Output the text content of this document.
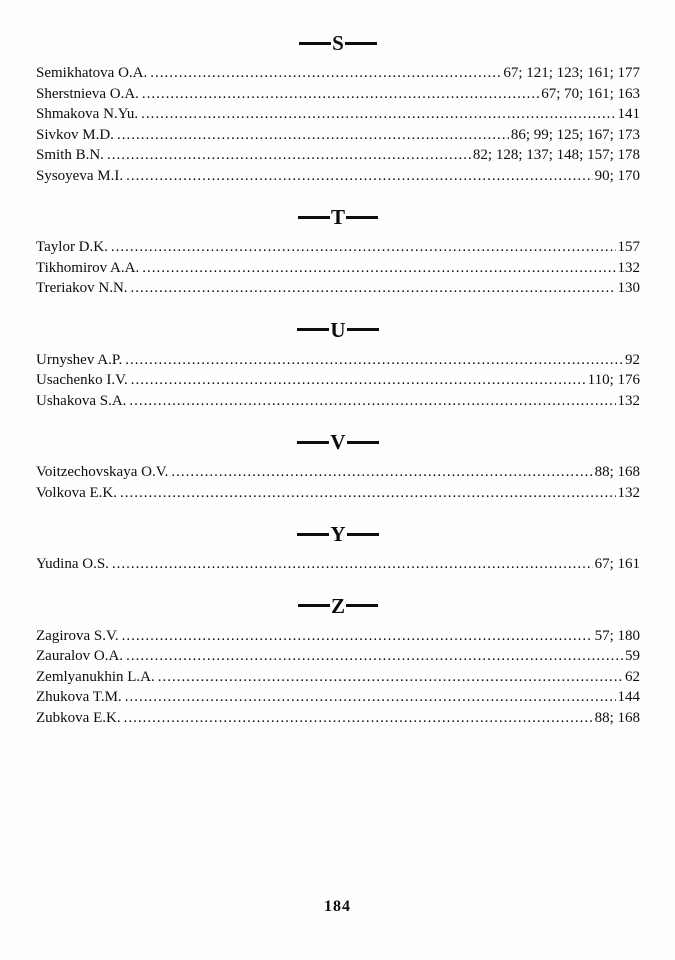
S
Semikhatova O.A. .....	67; 121; 123; 161; 177
Sherstnieva O.A. .....	67; 70; 161; 163
Shmakova N.Yu. .....	141
Sivkov M.D. .....	86; 99; 125; 167; 173
Smith B.N. .....	82; 128; 137; 148; 157; 178
Sysoyeva M.I. .....	90; 170
T
Taylor D.K. .....	157
Tikhomirov A.A. .....	132
Treriakov N.N. .....	130
U
Urnyshev A.P. .....	92
Usachenko I.V. .....	110; 176
Ushakova S.A. .....	132
V
Voitzechovskaya O.V. .....	88; 168
Volkova E.K. .....	132
Y
Yudina O.S. .....	67; 161
Z
Zagirova S.V. .....	57; 180
Zauralov O.A. .....	59
Zemlyanukhin L.A. .....	62
Zhukova T.M. .....	144
Zubkova E.K. .....	88; 168
184
